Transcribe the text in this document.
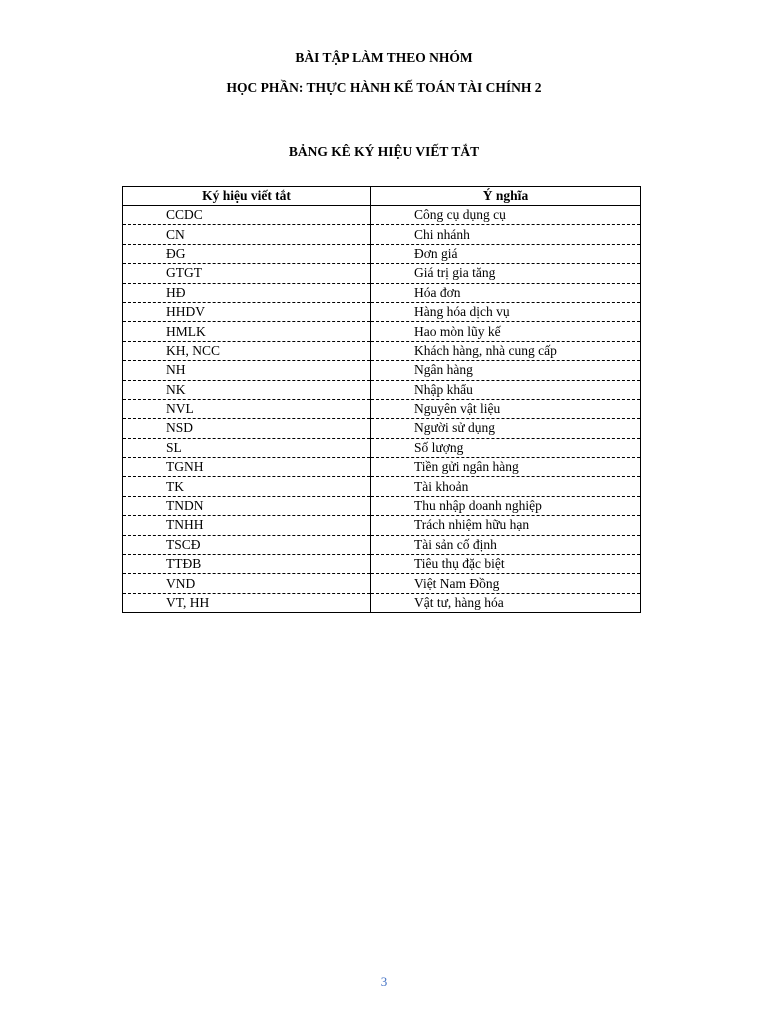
BÀI TẬP LÀM THEO NHÓM
HỌC PHẦN: THỰC HÀNH KẾ TOÁN TÀI CHÍNH 2
BẢNG KÊ KÝ HIỆU VIẾT TẮT
Ký hiệu viết tắt	Ý nghĩa
CCDC	Công cụ dụng cụ
CN	Chi nhánh
ĐG	Đơn giá
GTGT	Giá trị gia tăng
HĐ	Hóa đơn
HHDV	Hàng hóa dịch vụ
HMLK	Hao mòn lũy kế
KH, NCC	Khách hàng, nhà cung cấp
NH	Ngân hàng
NK	Nhập khẩu
NVL	Nguyên vật liệu
NSD	Người sử dụng
SL	Số lượng
TGNH	Tiền gửi ngân hàng
TK	Tài khoản
TNDN	Thu nhập doanh nghiệp
TNHH	Trách nhiệm hữu hạn
TSCĐ	Tài sản cố định
TTĐB	Tiêu thụ đặc biệt
VND	Việt Nam Đồng
VT, HH	Vật tư, hàng hóa
3
